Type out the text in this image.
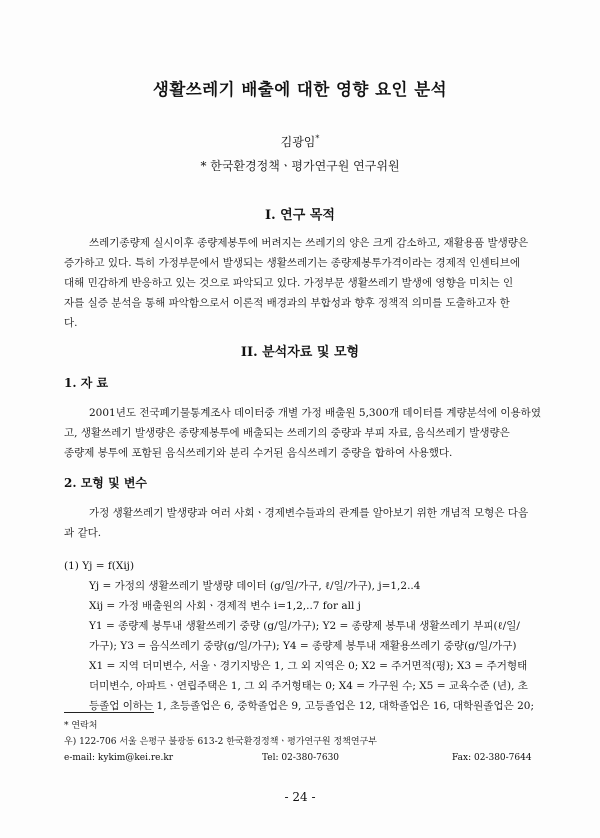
생활쓰레기 배출에 대한 영향 요인 분석
김광임*
* 한국환경정책ㆍ평가연구원 연구위원
I. 연구 목적
쓰레기종량제 실시이후 종량제봉투에 버려지는 쓰레기의 양은 크게 감소하고, 재활용품 발생량은
증가하고 있다. 특히 가정부문에서 발생되는 생활쓰레기는 종량제봉투가격이라는 경제적 인센티브에
대해 민감하게 반응하고 있는 것으로 파악되고 있다. 가정부문 생활쓰레기 발생에 영향을 미치는 인
자를 실증 분석을 통해 파악함으로서 이론적 배경과의 부합성과 향후 정책적 의미를 도출하고자 한
다.
II. 분석자료 및 모형
1. 자 료
2001년도 전국폐기물통계조사 데이터중 개별 가정 배출원 5,300개 데이터를 계량분석에 이용하였
고, 생활쓰레기 발생량은 종량제봉투에 배출되는 쓰레기의 중량과 부피 자료, 음식쓰레기 발생량은
종량제 봉투에 포함된 음식쓰레기와 분리 수거된 음식쓰레기 중량을 합하여 사용했다.
2. 모형 및 변수
가정 생활쓰레기 발생량과 여러 사회ㆍ경제변수들과의 관계를 알아보기 위한 개념적 모형은 다음
과 같다.
(1) Yj = f(Xij)
Yj = 가정의 생활쓰레기 발생량 데이터 (g/일/가구, ℓ/일/가구), j=1,2..4
Xij = 가정 배출원의 사회ㆍ경제적 변수 i=1,2,..7 for all j
Y1 = 종량제 봉투내 생활쓰레기 중량 (g/일/가구); Y2 = 종량제 봉투내 생활쓰레기 부피(ℓ/일/
가구); Y3 = 음식쓰레기 중량(g/일/가구); Y4 = 종량제 봉투내 재활용쓰레기 중량(g/일/가구)
X1 = 지역 더미변수, 서울ㆍ경기지방은 1, 그 외 지역은 0; X2 = 주거면적(평); X3 = 주거형태
더미변수, 아파트ㆍ연립주택은 1, 그 외 주거형태는 0; X4 = 가구원 수; X5 = 교육수준 (년), 초
등졸업 이하는 1, 초등졸업은 6, 중학졸업은 9, 고등졸업은 12, 대학졸업은 16, 대학원졸업은 20;
* 연락처
우) 122-706 서울 은평구 불광동 613-2 한국환경정책ㆍ평가연구원 정책연구부
e-mail: kykim@kei.re.kr	Tel: 02-380-7630	Fax: 02-380-7644
- 24 -
